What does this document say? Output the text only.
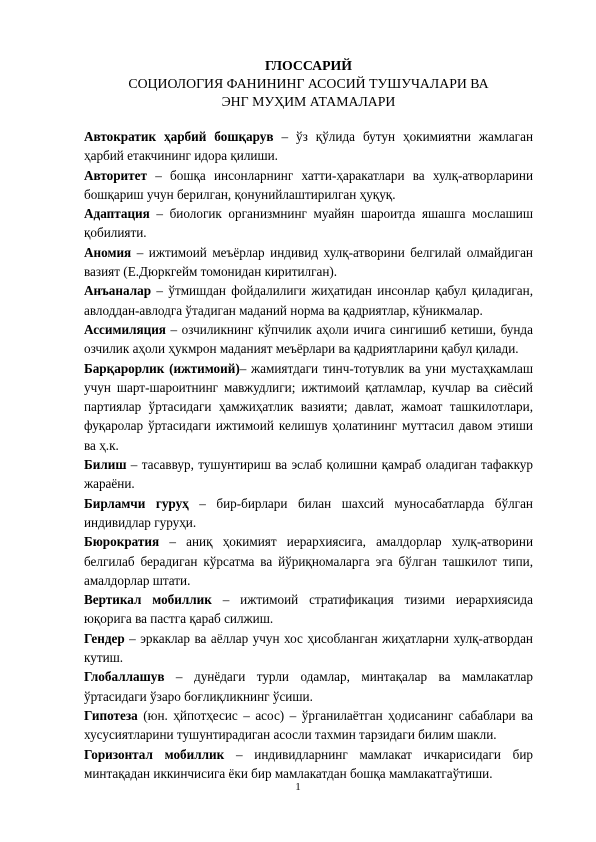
ГЛОССАРИЙ
СОЦИОЛОГИЯ ФАНИНИНГ АСОСИЙ ТУШУЧАЛАРИ ВА
ЭНГ МУҲИМ АТАМАЛАРИ

Автократик ҳарбий бошқарув – ўз қўлида бутун ҳокимиятни жамлаган ҳарбий етакчининг идора қилиши.

Авторитет – бошқа инсонларнинг хатти-ҳаракатлари ва хулқ-атворларини бошқариш учун берилган, қонунийлаштирилган ҳуқуқ.

Адаптация – биологик организмнинг муайян шароитда яшашга мослашиш қобилияти.

Аномия – ижтимоий меъёрлар индивид хулқ-атворини белгилай олмайдиган вазият (Е.Дюркгейм томонидан киритилган).

Анъаналар – ўтмишдан фойдалилиги жиҳатидан инсонлар қабул қиладиган, авлоддан-авлодга ўтадиган маданий норма ва қадриятлар, кўникмалар.

Ассимиляция – озчиликнинг кўпчилик аҳоли ичига сингишиб кетиши, бунда озчилик аҳоли ҳукмрон маданият меъёрлари ва қадриятларини қабул қилади.

Барқарорлик (ижтимоий)– жамиятдаги тинч-тотувлик ва уни мустаҳкамлаш учун шарт-шароитнинг мавжудлиги; ижтимоий қатламлар, кучлар ва сиёсий партиялар ўртасидаги ҳамжиҳатлик вазияти; давлат, жамоат ташкилотлари, фуқаролар ўртасидаги ижтимоий келишув ҳолатининг муттасил давом этиши ва ҳ.к.

Билиш – тасаввур, тушунтириш ва эслаб қолишни қамраб оладиган тафаккур жараёни.

Бирламчи гуруҳ – бир-бирлари билан шахсий муносабатларда бўлган индивидлар гуруҳи.

Бюрократия – аниқ ҳокимият иерархиясига, амалдорлар хулқ-атворини белгилаб берадиган кўрсатма ва йўриқномаларга эга бўлган ташкилот типи, амалдорлар штати.

Вертикал мобиллик – ижтимоий стратификация тизими иерархиясида юқорига ва пастга қараб силжиш.

Гендер – эркаклар ва аёллар учун хос ҳисобланган жиҳатларни хулқ-атвордан кутиш.

Глобаллашув – дунёдаги турли одамлар, минтақалар ва мамлакатлар ўртасидаги ўзаро боғлиқликнинг ўсиши.

Гипотеза (юн. ҳйпотҳесис – асос) – ўрганилаётган ҳодисанинг сабаблари ва хусусиятларини тушунтирадиган асосли тахмин тарзидаги билим шакли.

Горизонтал мобиллик – индивидларнинг мамлакат ичкарисидаги бир минтақадан иккинчисига ёки бир мамлакатдан бошқа мамлакатгаўтиши.

1
